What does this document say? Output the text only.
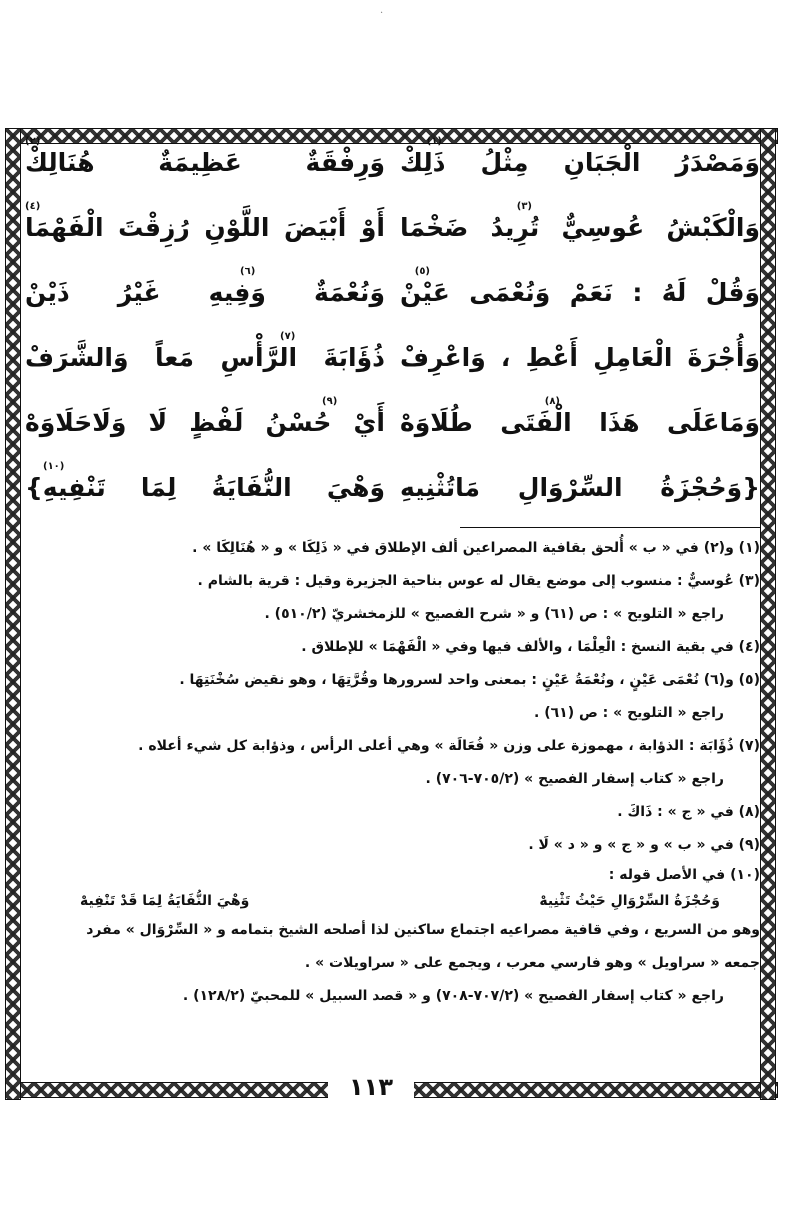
·
١١٣
(١)
وَمَصْدَرُ الْجَبَانِ مِثْلُ ذَلِكْ
(٢)
وَرِفْقَةٌ عَظِيمَةٌ هُنَالِكْ
(٣)
وَالْكَبْشُ عُوسِيٌّ تُرِيدُ ضَخْمَا
(٤)
أَوْ أَبْيَضَ اللَّوْنِ رُزِقْتَ الْفَهْمَا
(٥)
وَقُلْ لَهُ : نَعَمْ وَنُعْمَى عَيْنْ
(٦)
وَنُعْمَةٌ وَفِيهِ غَيْرُ ذَيْنْ
وَأُجْرَةَ الْعَامِلِ أَعْطِ ، وَاعْرِفْ
(٧)
ذُؤَابَةَ الرَّأْسِ مَعاً وَالشَّرَفْ
(٨)
وَمَاعَلَى هَذَا الْفَتَى طُلَاوَهْ
(٩)
أَيْ حُسْنُ لَفْظٍ لَا وَلَاحَلَاوَهْ
{وَحُجْزَةُ السِّرْوَالِ مَاتُثْنِيهِ
(١٠)
وَهْيَ النُّفَايَةُ لِمَا تَنْفِيهِ}
(١) و(٢) في « ب » أُلحق بقافية المصراعين ألف الإطلاق في « ذَلِكَا » و « هُنَالِكَا » .
(٣) عُوسيٌّ : منسوب إلى موضع يقال له عوس بناحية الجزيرة وقيل : قرية بالشام .
راجع « التلويح » : ص (٦١) و « شرح الفصيح » للزمخشريّ (٥١٠/٢) .
(٤) في بقية النسخ : الْعِلْمَا ، والألف فيها وفي « الْفَهْمَا » للإطلاق .
(٥) و(٦) نُعْمَى عَيْنٍ ، ونُعْمَةُ عَيْنٍ : بمعنى واحد لسرورها وقُرَّتِهَا ، وهو نقيض سُخْنَتِهَا .
راجع « التلويح » : ص (٦١) .
(٧) ذُؤَابَة : الذؤابة ، مهموزة على وزن « فُعَالَة » وهي أعلى الرأس ، وذؤابة كل شيء أعلاه .
راجع « كتاب إسفار الفصيح » (٧٠٥/٢-٧٠٦) .
(٨) في « ج » : ذَاكَ .
(٩) في « ب » و « ج » و « د » لَا .
(١٠) في الأصل قوله :
وَحُجْزَةُ السِّرْوَالِ حَيْثُ تَثْنِيهْ
وَهْيَ النُّفَايَةُ لِمَا قَدْ تَنْفِيهْ
وهو من السريع ، وفي قافية مصراعيه اجتماع ساكنين لذا أصلحه الشيخ بتمامه و « السِّرْوَال » مفرد
جمعه « سراويل » وهو فارسي معرب ، ويجمع على « سراويلات » .
راجع « كتاب إسفار الفصيح » (٧٠٧/٢-٧٠٨) و « قصد السبيل » للمحبيّ (١٢٨/٢) .
